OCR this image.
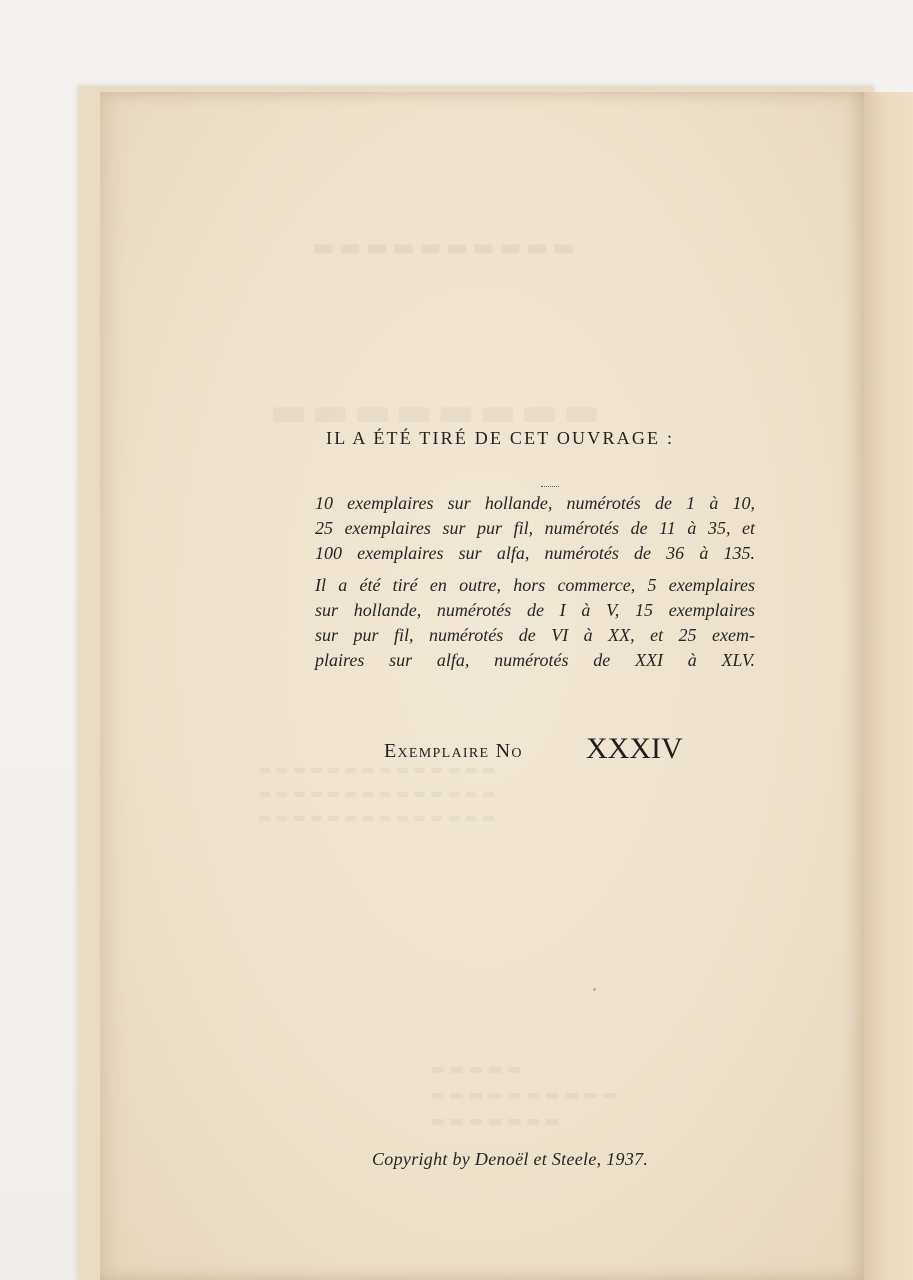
▬▬▬▬▬▬▬▬▬▬
▬▬▬▬▬▬▬▬
▬▬▬▬▬▬▬▬▬▬▬▬▬▬
▬▬▬▬▬▬▬▬▬▬▬▬▬▬
▬▬▬▬▬▬▬▬▬▬▬▬▬▬
▬▬▬▬▬
▬▬▬▬▬▬▬▬▬▬
▬▬▬▬▬▬▬
IL A ÉTÉ TIRÉ DE CET OUVRAGE :
10 exemplaires sur hollande, numérotés de 1 à 10,
25 exemplaires sur pur fil, numérotés de 11 à 35, et
100 exemplaires sur alfa, numérotés de 36 à 135.
Il a été tiré en outre, hors commerce, 5 exemplaires
sur hollande, numérotés de I à V, 15 exemplaires
sur pur fil, numérotés de VI à XX, et 25 exem-
plaires sur alfa, numérotés de XXI à XLV.
Exemplaire No XXXIV
Copyright by Denoël et Steele, 1937.
